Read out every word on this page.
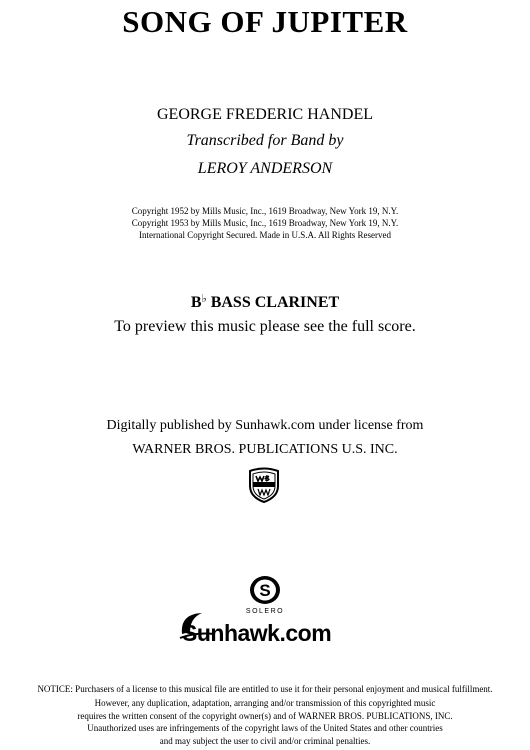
SONG OF JUPITER
GEORGE FREDERIC HANDEL
Transcribed for Band by
LEROY ANDERSON
Copyright 1952 by Mills Music, Inc., 1619 Broadway, New York 19, N.Y.
Copyright 1953 by Mills Music, Inc., 1619 Broadway, New York 19, N.Y.
International Copyright Secured. Made in U.S.A. All Rights Reserved
B♭ BASS CLARINET
To preview this music please see the full score.
Digitally published by Sunhawk.com under license from
WARNER BROS. PUBLICATIONS U.S. INC.
S
SOLERO
Sunhawk.com
NOTICE: Purchasers of a license to this musical file are entitled to use it for their personal enjoyment and musical fulfillment.
However, any duplication, adaptation, arranging and/or transmission of this copyrighted music
requires the written consent of the copyright owner(s) and of WARNER BROS. PUBLICATIONS, INC.
Unauthorized uses are infringements of the copyright laws of the United States and other countries
and may subject the user to civil and/or criminal penalties.
